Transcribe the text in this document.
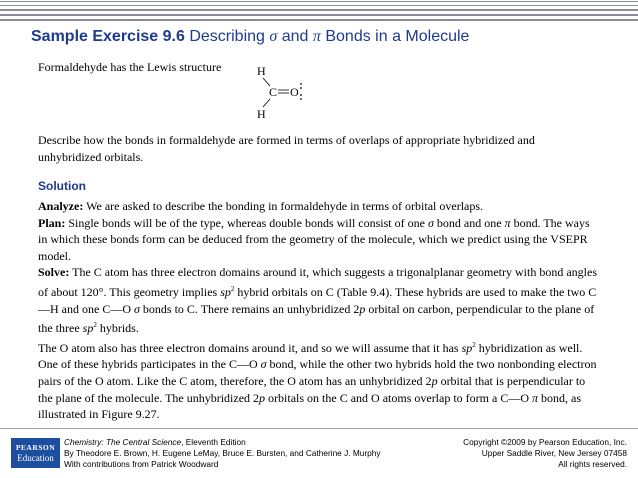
Sample Exercise 9.6 Describing σ and π Bonds in a Molecule
Formaldehyde has the Lewis structure	H
C O
H
Describe how the bonds in formaldehyde are formed in terms of overlaps of appropriate hybridized and unhybridized orbitals.
Solution

Analyze: We are asked to describe the bonding in formaldehyde in terms of orbital overlaps.

Plan: Single bonds will be of the type, whereas double bonds will consist of one σ bond and one π bond. The ways in which these bonds form can be deduced from the geometry of the molecule, which we predict using the VSEPR model.

Solve: The C atom has three electron domains around it, which suggests a trigonalplanar geometry with bond angles of about 120°. This geometry implies $sp^2$ hybrid orbitals on C (Table 9.4). These hybrids are used to make the two C—H and one C—O σ bonds to C. There remains an unhybridized 2p orbital on carbon, perpendicular to the plane of the three $sp^2$ hybrids.

The O atom also has three electron domains around it, and so we will assume that it has $sp^2$ hybridization as well. One of these hybrids participates in the C—O σ bond, while the other two hybrids hold the two nonbonding electron pairs of the O atom. Like the C atom, therefore, the O atom has an unhybridized 2p orbital that is perpendicular to the plane of the molecule. The unhybridized 2p orbitals on the C and O atoms overlap to form a C—O π bond, as illustrated in Figure 9.27.

PEARSON
Education
Chemistry: The Central Science, Eleventh Edition
By Theodore E. Brown, H. Eugene LeMay, Bruce E. Bursten, and Catherine J. Murphy
With contributions from Patrick Woodward
Copyright ©2009 by Pearson Education, Inc.
Upper Saddle River, New Jersey 07458
All rights reserved.
